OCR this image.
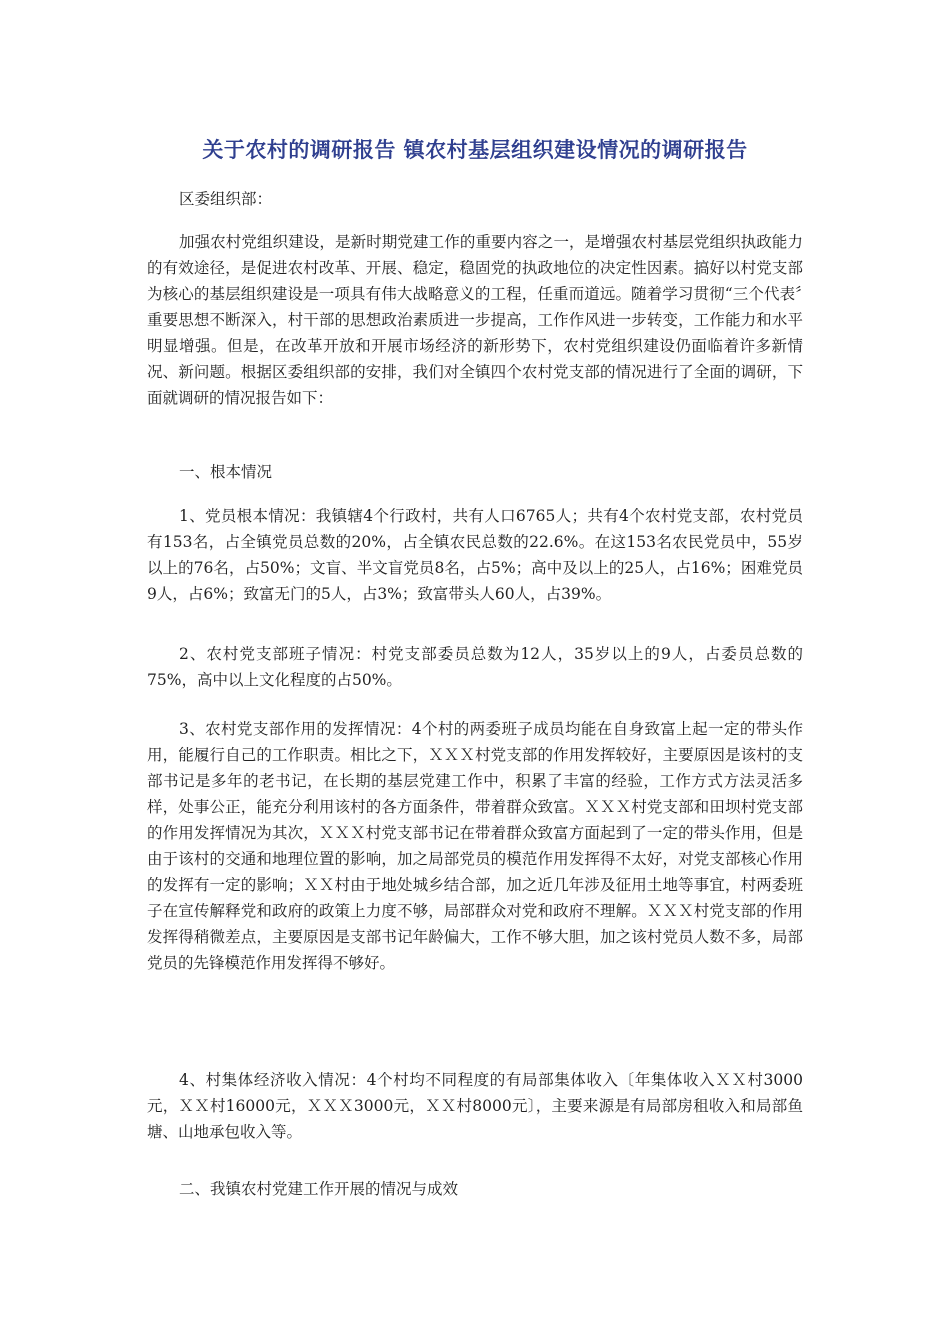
关于农村的调研报告 镇农村基层组织建设情况的调研报告

区委组织部：

加强农村党组织建设，是新时期党建工作的重要内容之一，是增强农村基层党组织执政能力的有效途径，是促进农村改革、开展、稳定，稳固党的执政地位的决定性因素。搞好以村党支部为核心的基层组织建设是一项具有伟大战略意义的工程，任重而道远。随着学习贯彻“三个代表〞重要思想不断深入，村干部的思想政治素质进一步提高，工作作风进一步转变，工作能力和水平明显增强。但是，在改革开放和开展市场经济的新形势下，农村党组织建设仍面临着许多新情况、新问题。根据区委组织部的安排，我们对全镇四个农村党支部的情况进行了全面的调研，下面就调研的情况报告如下：

一、根本情况

1、党员根本情况：我镇辖4个行政村，共有人口6765人；共有4个农村党支部，农村党员有153名，占全镇党员总数的20%，占全镇农民总数的22.6%。在这153名农民党员中，55岁以上的76名，占50%；文盲、半文盲党员8名，占5%；高中及以上的25人，占16%；困难党员9人，占6%；致富无门的5人，占3%；致富带头人60人，占39%。

2、农村党支部班子情况：村党支部委员总数为12人，35岁以上的9人，占委员总数的75%，高中以上文化程度的占50%。

3、农村党支部作用的发挥情况：4个村的两委班子成员均能在自身致富上起一定的带头作用，能履行自己的工作职责。相比之下，ＸＸＸ村党支部的作用发挥较好，主要原因是该村的支部书记是多年的老书记，在长期的基层党建工作中，积累了丰富的经验，工作方式方法灵活多样，处事公正，能充分利用该村的各方面条件，带着群众致富。ＸＸＸ村党支部和田坝村党支部的作用发挥情况为其次，ＸＸＸ村党支部书记在带着群众致富方面起到了一定的带头作用，但是由于该村的交通和地理位置的影响，加之局部党员的模范作用发挥得不太好，对党支部核心作用的发挥有一定的影响；ＸＸ村由于地处城乡结合部，加之近几年涉及征用土地等事宜，村两委班子在宣传解释党和政府的政策上力度不够，局部群众对党和政府不理解。ＸＸＸ村党支部的作用发挥得稍微差点，主要原因是支部书记年龄偏大，工作不够大胆，加之该村党员人数不多，局部党员的先锋模范作用发挥得不够好。

4、村集体经济收入情况：4个村均不同程度的有局部集体收入〔年集体收入ＸＸ村3000元，ＸＸ村16000元，ＸＸＸ3000元，ＸＸ村8000元〕，主要来源是有局部房租收入和局部鱼塘、山地承包收入等。

二、我镇农村党建工作开展的情况与成效
